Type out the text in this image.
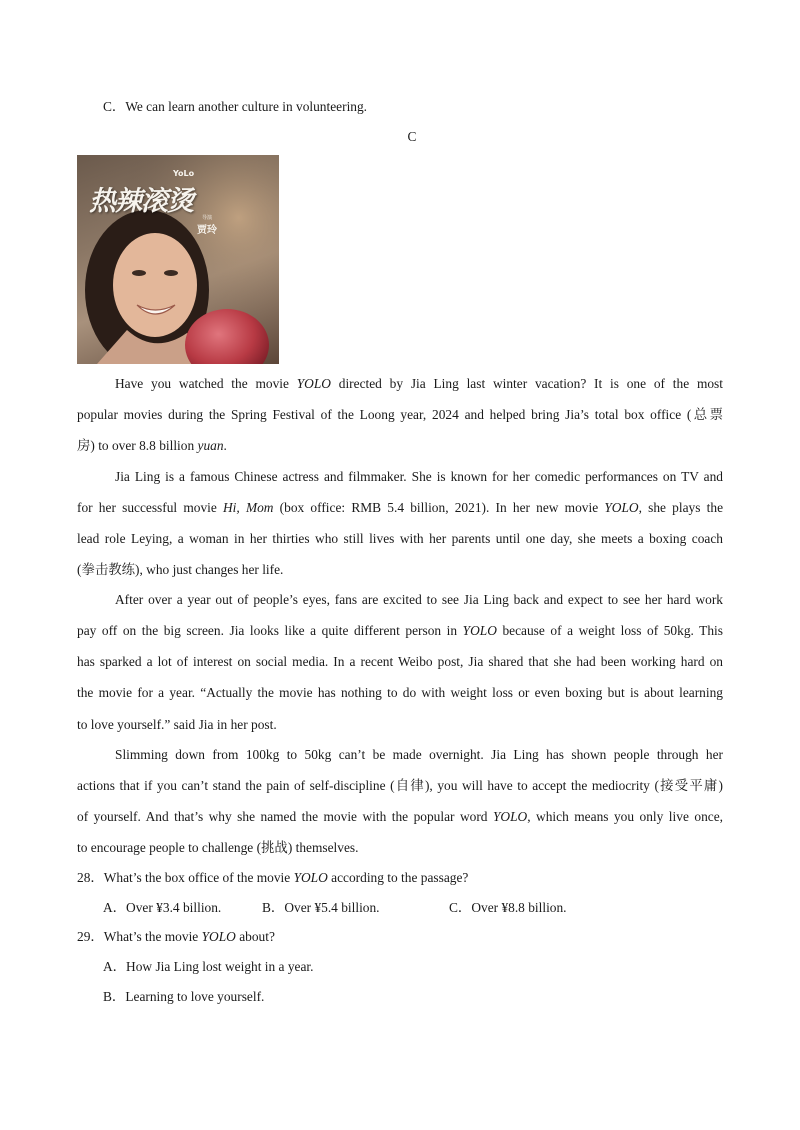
C．We can learn another culture in volunteering.
C
YoLo
热辣滚烫
导演
贾玲
Have you watched the movie YOLO directed by Jia Ling last winter vacation? It is one of the most
popular movies during the Spring Festival of the Loong year, 2024 and helped bring Jia’s total box office (总票
房) to over 8.8 billion yuan.
Jia Ling is a famous Chinese actress and filmmaker. She is known for her comedic performances on TV and
for her successful movie Hi, Mom (box office: RMB 5.4 billion, 2021). In her new movie YOLO, she plays the
lead role Leying, a woman in her thirties who still lives with her parents until one day, she meets a boxing coach
(拳击教练), who just changes her life.
After over a year out of people’s eyes, fans are excited to see Jia Ling back and expect to see her hard work
pay off on the big screen. Jia looks like a quite different person in YOLO because of a weight loss of 50kg. This
has sparked a lot of interest on social media. In a recent Weibo post, Jia shared that she had been working hard on
the movie for a year. “Actually the movie has nothing to do with weight loss or even boxing but is about learning
to love yourself.” said Jia in her post.
Slimming down from 100kg to 50kg can’t be made overnight. Jia Ling has shown people through her
actions that if you can’t stand the pain of self-discipline (自律), you will have to accept the mediocrity (接受平庸)
of yourself. And that’s why she named the movie with the popular word YOLO, which means you only live once,
to encourage people to challenge (挑战) themselves.
28．What’s the box office of the movie YOLO according to the passage?
A．Over ¥3.4 billion.	B．Over ¥5.4 billion.	C．Over ¥8.8 billion.
29．What’s the movie YOLO about?
A．How Jia Ling lost weight in a year.
B．Learning to love yourself.
